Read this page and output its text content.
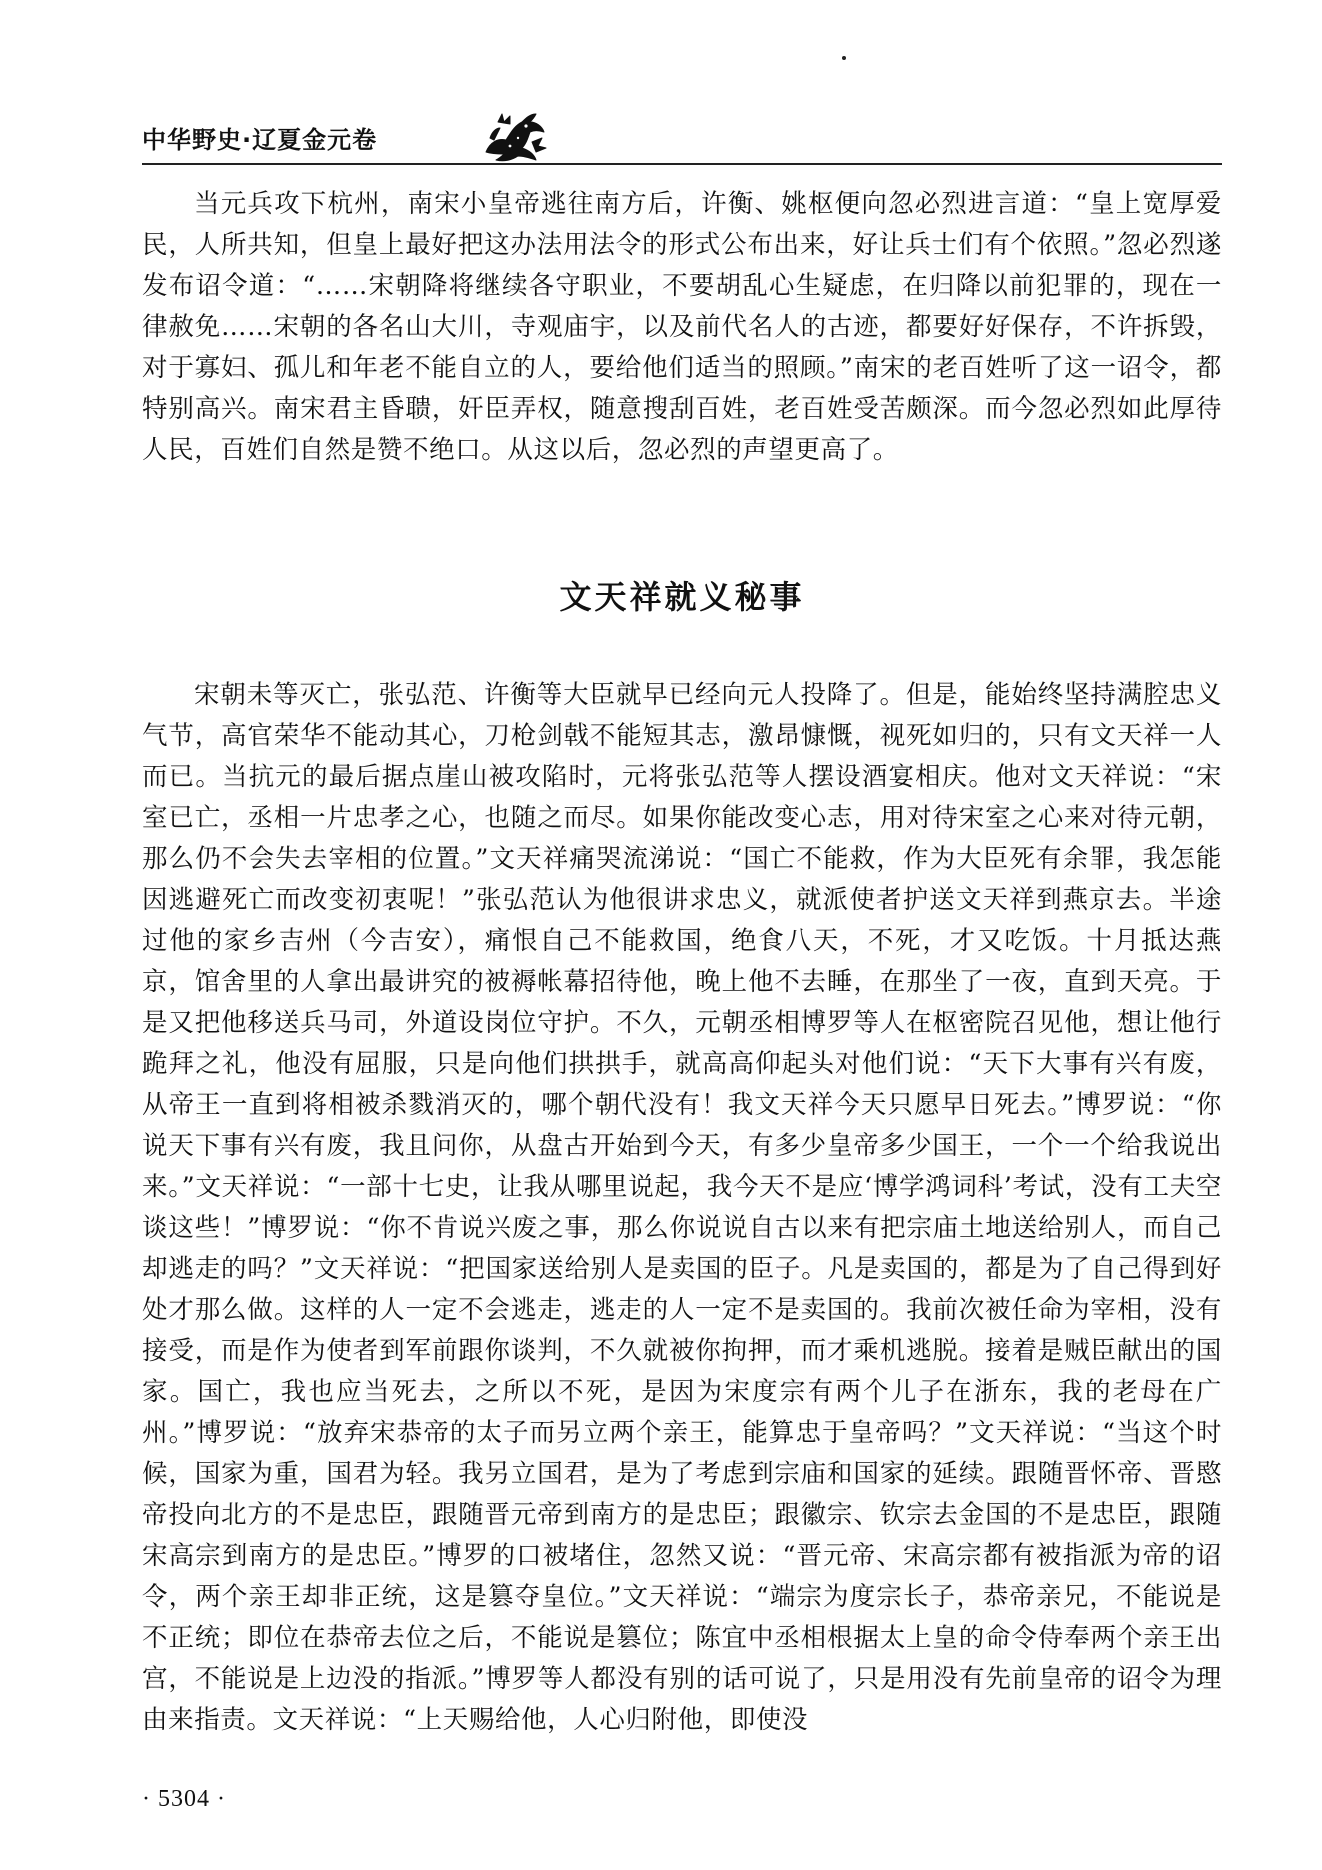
中华野史·辽夏金元卷

当元兵攻下杭州，南宋小皇帝逃往南方后，许衡、姚枢便向忽必烈进言道：“皇上宽厚爱民，人所共知，但皇上最好把这办法用法令的形式公布出来，好让兵士们有个依照。”忽必烈遂发布诏令道：“……宋朝降将继续各守职业，不要胡乱心生疑虑，在归降以前犯罪的，现在一律赦免……宋朝的各名山大川，寺观庙宇，以及前代名人的古迹，都要好好保存，不许拆毁，对于寡妇、孤儿和年老不能自立的人，要给他们适当的照顾。”南宋的老百姓听了这一诏令，都特别高兴。南宋君主昏聩，奸臣弄权，随意搜刮百姓，老百姓受苦颇深。而今忽必烈如此厚待人民，百姓们自然是赞不绝口。从这以后，忽必烈的声望更高了。

文天祥就义秘事

宋朝未等灭亡，张弘范、许衡等大臣就早已经向元人投降了。但是，能始终坚持满腔忠义气节，高官荣华不能动其心，刀枪剑戟不能短其志，激昂慷慨，视死如归的，只有文天祥一人而已。当抗元的最后据点崖山被攻陷时，元将张弘范等人摆设酒宴相庆。他对文天祥说：“宋室已亡，丞相一片忠孝之心，也随之而尽。如果你能改变心志，用对待宋室之心来对待元朝，那么仍不会失去宰相的位置。”文天祥痛哭流涕说：“国亡不能救，作为大臣死有余罪，我怎能因逃避死亡而改变初衷呢！”张弘范认为他很讲求忠义，就派使者护送文天祥到燕京去。半途过他的家乡吉州（今吉安），痛恨自己不能救国，绝食八天，不死，才又吃饭。十月抵达燕京，馆舍里的人拿出最讲究的被褥帐幕招待他，晚上他不去睡，在那坐了一夜，直到天亮。于是又把他移送兵马司，外道设岗位守护。不久，元朝丞相博罗等人在枢密院召见他，想让他行跪拜之礼，他没有屈服，只是向他们拱拱手，就高高仰起头对他们说：“天下大事有兴有废，从帝王一直到将相被杀戮消灭的，哪个朝代没有！我文天祥今天只愿早日死去。”博罗说：“你说天下事有兴有废，我且问你，从盘古开始到今天，有多少皇帝多少国王，一个一个给我说出来。”文天祥说：“一部十七史，让我从哪里说起，我今天不是应‘博学鸿词科’考试，没有工夫空谈这些！”博罗说：“你不肯说兴废之事，那么你说说自古以来有把宗庙土地送给别人，而自己却逃走的吗？”文天祥说：“把国家送给别人是卖国的臣子。凡是卖国的，都是为了自己得到好处才那么做。这样的人一定不会逃走，逃走的人一定不是卖国的。我前次被任命为宰相，没有接受，而是作为使者到军前跟你谈判，不久就被你拘押，而才乘机逃脱。接着是贼臣献出的国家。国亡，我也应当死去，之所以不死，是因为宋度宗有两个儿子在浙东，我的老母在广州。”博罗说：“放弃宋恭帝的太子而另立两个亲王，能算忠于皇帝吗？”文天祥说：“当这个时候，国家为重，国君为轻。我另立国君，是为了考虑到宗庙和国家的延续。跟随晋怀帝、晋愍帝投向北方的不是忠臣，跟随晋元帝到南方的是忠臣；跟徽宗、钦宗去金国的不是忠臣，跟随宋高宗到南方的是忠臣。”博罗的口被堵住，忽然又说：“晋元帝、宋高宗都有被指派为帝的诏令，两个亲王却非正统，这是篡夺皇位。”文天祥说：“端宗为度宗长子，恭帝亲兄，不能说是不正统；即位在恭帝去位之后，不能说是篡位；陈宜中丞相根据太上皇的命令侍奉两个亲王出宫，不能说是上边没的指派。”博罗等人都没有别的话可说了，只是用没有先前皇帝的诏令为理由来指责。文天祥说：“上天赐给他，人心归附他，即使没

· 5304 ·
